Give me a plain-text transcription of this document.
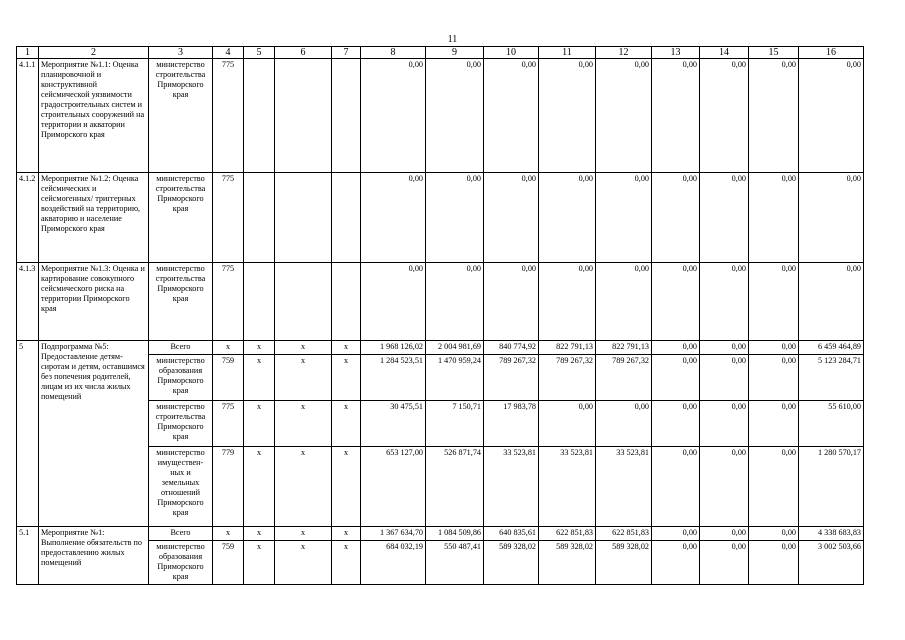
11
1	2	3	4	5	6	7	8	9	10	11	12	13	14	15	16
4.1.1	Мероприятие №1.1: Оценка планировочной и конструктивной сейсмической уязвимости градостроительных систем и строительных сооружений на территории и акватории Приморского края	министерство строительства Приморского края	775				0,00	0,00	0,00	0,00	0,00	0,00	0,00	0,00	0,00
4.1.2	Мероприятие №1.2: Оценка сейсмических и сейсмогенных/ триггерных воздействий на территорию, акваторию и население Приморского края	министерство строительства Приморского края	775				0,00	0,00	0,00	0,00	0,00	0,00	0,00	0,00	0,00
4.1.3	Мероприятие №1.3: Оценка и картирование совокупного сейсмического риска на территории Приморского края	министерство строительства Приморского края	775				0,00	0,00	0,00	0,00	0,00	0,00	0,00	0,00	0,00
5	Подпрограмма №5: Предоставление детям-сиротам и детям, оставшимся без попечения родителей, лицам из их числа жилых помещений	Всего	х	х	х	х	1 968 126,02	2 004 981,69	840 774,92	822 791,13	822 791,13	0,00	0,00	0,00	6 459 464,89
		министерство образования Приморского края	759	х	х	х	1 284 523,51	1 470 959,24	789 267,32	789 267,32	789 267,32	0,00	0,00	0,00	5 123 284,71
		министерство строительства Приморского края	775	х	х	х	30 475,51	7 150,71	17 983,78	0,00	0,00	0,00	0,00	0,00	55 610,00
		министерство имуществен-ных и земельных отношений Приморского края	779	х	х	х	653 127,00	526 871,74	33 523,81	33 523,81	33 523,81	0,00	0,00	0,00	1 280 570,17
5.1	Мероприятие №1: Выполнение обязательств по предоставлению жилых помещений	Всего	х	х	х	х	1 367 634,70	1 084 509,86	640 835,61	622 851,83	622 851,83	0,00	0,00	0,00	4 338 683,83
		министерство образования Приморского края	759	х	х	х	684 032,19	550 487,41	589 328,02	589 328,02	589 328,02	0,00	0,00	0,00	3 002 503,66
